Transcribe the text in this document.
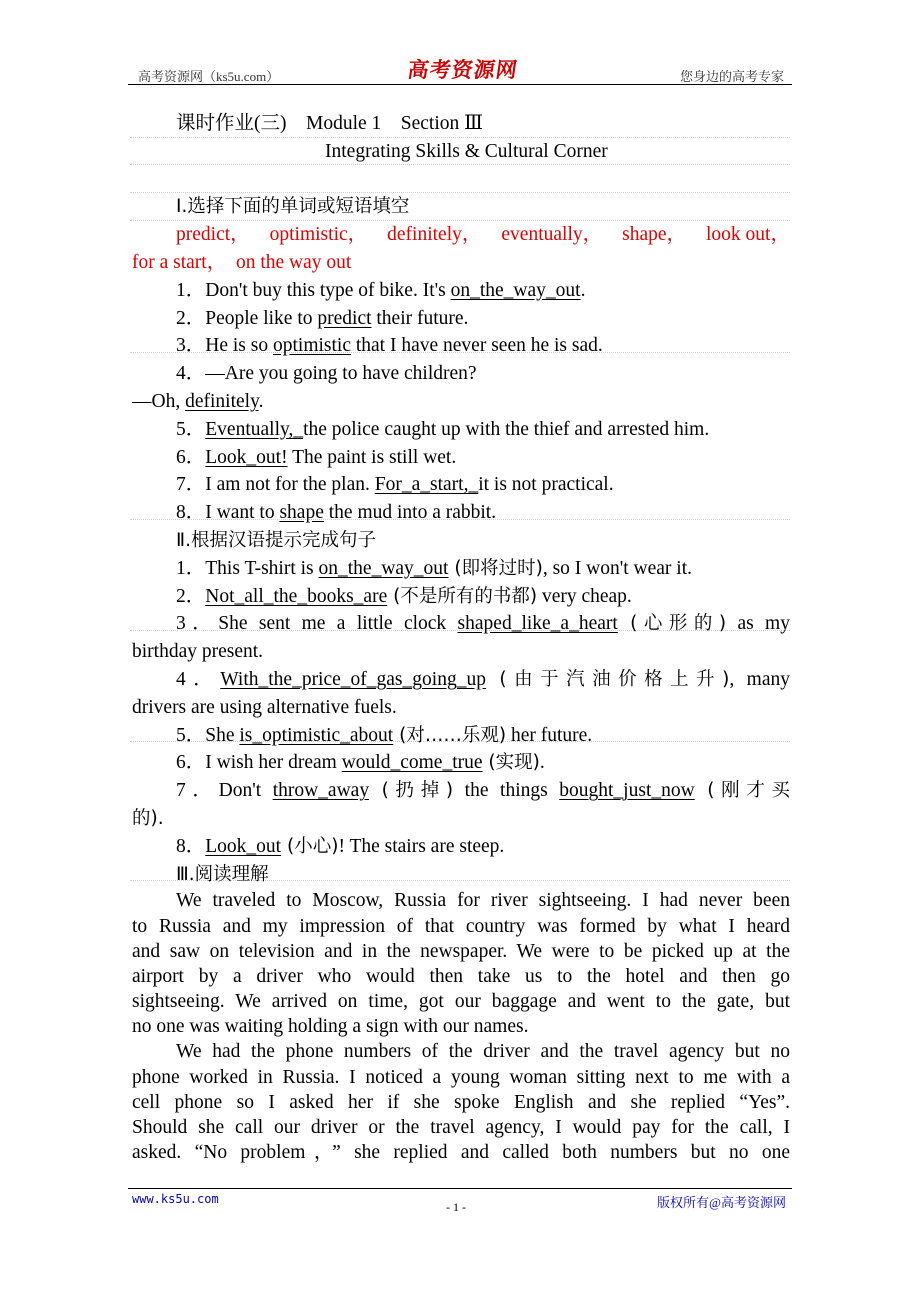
高考资源网（ks5u.com）	高考资源网	您身边的高考专家
课时作业(三)　Module 1　Section Ⅲ
Integrating Skills & Cultural Corner
Ⅰ.选择下面的单词或短语填空
predict， optimistic， definitely， eventually， shape， look out，
for a start，　on the way out
1．Don't buy this type of bike. It's on_the_way_out.
2．People like to predict their future.
3．He is so optimistic that I have never seen he is sad.
4．—Are you going to have children?
—Oh, definitely.
5．Eventually,_the police caught up with the thief and arrested him.
6．Look_out! The paint is still wet.
7．I am not for the plan. For_a_start,_it is not practical.
8．I want to shape the mud into a rabbit.
Ⅱ.根据汉语提示完成句子
1．This T-shirt is on_the_way_out (即将过时), so I won't wear it.
2．Not_all_the_books_are (不是所有的书都) very cheap.
3．She sent me a little clock shaped_like_a_heart (心形的) as my
birthday present.
4．With_the_price_of_gas_going_up (由于汽油价格上升), many
drivers are using alternative fuels.
5．She is_optimistic_about (对……乐观) her future.
6．I wish her dream would_come_true (实现).
7．Don't throw_away (扔掉) the things bought_just_now (刚才买
的).
8．Look_out (小心)! The stairs are steep.
Ⅲ.阅读理解
We traveled to Moscow, Russia for river sightseeing. I had never been
to Russia and my impression of that country was formed by what I heard
and saw on television and in the newspaper. We were to be picked up at the
airport by a driver who would then take us to the hotel and then go
sightseeing. We arrived on time, got our baggage and went to the gate, but
no one was waiting holding a sign with our names.
We had the phone numbers of the driver and the travel agency but no
phone worked in Russia. I noticed a young woman sitting next to me with a
cell phone so I asked her if she spoke English and she replied “Yes”.
Should she call our driver or the travel agency, I would pay for the call, I
asked. “No problem，” she replied and called both numbers but no one
www.ks5u.com
- 1 -	版权所有@高考资源网
